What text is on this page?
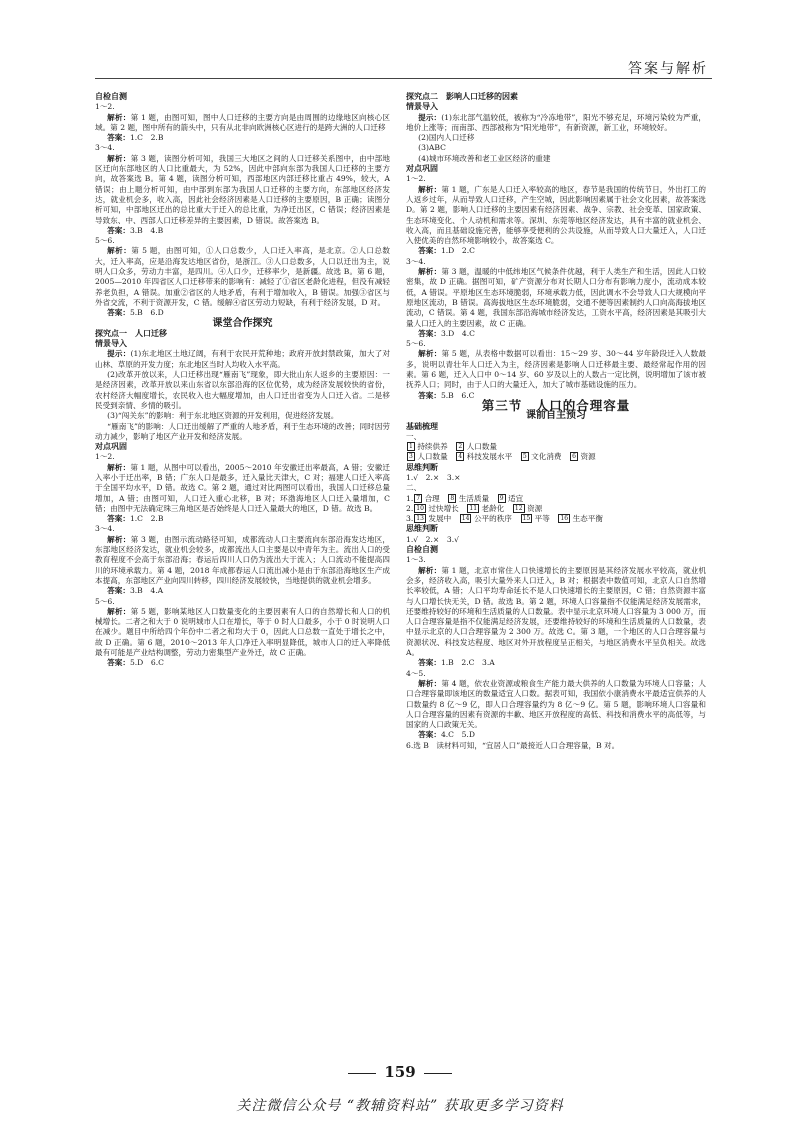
答案与解析

自检自测

1～2.

解析：第 1 题，由图可知，图中人口迁移的主要方向是由周围的边缘地区向核心区域。第 2 题，图中所有的箭头中，只有从北非向欧洲核心区进行的是跨大洲的人口迁移

答案：1.C　2.B

3～4.

解析：第 3 题，读图分析可知，我国三大地区之间的人口迁移关系图中，由中部地区迁向东部地区的人口比重最大，为 52%，因此中部向东部为我国人口迁移的主要方向，故答案选 B。第 4 题，读图分析可知，西部地区内部迁移比重占 49%，较大，A 错误；由上题分析可知，由中部到东部为我国人口迁移的主要方向，东部地区经济发达，就业机会多，收入高，因此社会经济因素是人口迁移的主要原因，B 正确；读图分析可知，中部地区迁出的总比重大于迁入的总比重，为净迁出区，C 错误；经济因素是导致东、中、西部人口迁移差异的主要因素，D 错误。故答案选 B。

答案：3.B　4.B

5～6.

解析：第 5 题，由图可知，①人口总数少，人口迁入率高，是北京。②人口总数大，迁入率高，应是沿海发达地区省份，是浙江。③人口总数多，人口以迁出为主，说明人口众多，劳动力丰富，是四川。④人口少，迁移率少，是新疆。故选 B。第 6 题，2005—2010 年四省区人口迁移带来的影响有：减轻了①省区老龄化进程，但没有减轻养老负担，A 错误。加重②省区的人地矛盾，有利于增加收入，B 错误。加强③省区与外省交流，不利于资源开发，C 错。缓解④省区劳动力短缺，有利于经济发展，D 对。

答案：5.B　6.D

课堂合作探究

探究点一　人口迁移

情景导入

提示：(1)东北地区土地辽阔，有利于农民开荒种地；政府开放封禁政策，加大了对山林、草原的开发力度；东北地区当时人均收入水平高。

(2)改革开放以来，人口迁移出现“雁南飞”现象，即大批山东人返乡的主要原因：一是经济因素，改革开放以来山东省以东部沿海的区位优势，成为经济发展较快的省份，农村经济大幅度增长，农民收入也大幅度增加，由人口迁出省变为人口迁入省。二是移民受到亲情、乡情的吸引。

(3)“闯关东”的影响：利于东北地区资源的开发利用，促进经济发展。

“雁南飞”的影响：人口迁出缓解了严重的人地矛盾，利于生态环境的改善；同时因劳动力减少，影响了地区产业开发和经济发展。

对点巩固

1～2.

解析：第 1 题，从图中可以看出，2005～2010 年安徽迁出率最高，A 错；安徽迁入率小于迁出率，B 错；广东人口是最多，迁入量比天津大，C 对；福建人口迁入率高于全国平均水平，D 错。故选 C。第 2 题，通过对比两图可以看出，我国人口迁移总量增加，A 错；由图可知，人口迁入重心北移，B 对；环渤海地区人口迁入量增加，C 错；由图中无法确定珠三角地区是否始终是人口迁入量最大的地区，D 错。故选 B。

答案：1.C　2.B

3～4.

解析：第 3 题，由图示流动路径可知，成都流动人口主要流向东部沿海发达地区，东部地区经济发达，就业机会较多，成都流出人口主要是以中青年为主。流出人口的受教育程度不会高于东部沿海；春运后四川人口仍为流出大于流入；人口流动不能提高四川的环境承载力。第 4 题，2018 年成都春运人口流出减小是由于东部沿海地区生产成本提高，东部地区产业向四川转移，四川经济发展较快，当地提供的就业机会增多。

答案：3.B　4.A

5～6.

解析：第 5 题，影响某地区人口数量变化的主要因素有人口的自然增长和人口的机械增长。二者之和大于 0 说明城市人口在增长，等于 0 时人口最多，小于 0 时说明人口在减少。题目中所给四个年份中二者之和均大于 0，因此人口总数一直处于增长之中，故 D 正确。第 6 题，2010～2013 年人口净迁入率明显降低，城市人口的迁入率降低最有可能是产业结构调整，劳动力密集型产业外迁，故 C 正确。

答案：5.D　6.C

探究点二　影响人口迁移的因素

情景导入

提示：(1)东北部气温较低，被称为“冷冻地带”，阳光不够充足，环境污染较为严重，地价上涨等；而南部、西部被称为“阳光地带”，有新资源，新工业，环境较好。

(2)国内人口迁移

(3)ABC

(4)城市环境改善和老工业区经济的重建

对点巩固

1～2.

解析：第 1 题，广东是人口迁入率较高的地区，春节是我国的传统节日，外出打工的人返乡过年，从而导致人口迁移，产生空城，因此影响因素属于社会文化因素，故答案选 D。第 2 题，影响人口迁移的主要因素有经济因素、战争、宗教、社会变革、国家政策、生态环境变化、个人动机和需求等。深圳、东莞等地区经济发达，具有丰富的就业机会、收入高，而且基础设施完善，能够享受便利的公共设施，从而导致人口大量迁入，人口迁入使优美的自然环境影响较小，故答案选 C。

答案：1.D　2.C

3～4.

解析：第 3 题，温暖的中低纬地区气候条件优越，利于人类生产和生活，因此人口较密集，故 D 正确。据图可知，矿产资源分布对长期人口分布有影响力度小，流动成本较低，A 错误。平原地区生态环境脆弱，环境承载力低，因此调水不会导致人口大规模向平原地区流动，B 错误。高海拔地区生态环境脆弱，交通不便等因素制约人口向高海拔地区流动，C 错误。第 4 题，我国东部沿海城市经济发达，工资水平高，经济因素是其吸引大量人口迁入的主要因素，故 C 正确。

答案：3.D　4.C

5～6.

解析：第 5 题，从表格中数据可以看出：15～29 岁、30～44 岁年龄段迁入人数最多，说明以青壮年人口迁入为主，经济因素是影响人口迁移最主要、最经常起作用的因素。第 6 题，迁入人口中 0～14 岁、60 岁及以上的人数占一定比例，说明增加了该市被抚养人口；同时，由于人口的大量迁入，加大了城市基础设施的压力。

答案：5.B　6.C

第三节　人口的合理容量

课前自主预习

基础梳理

一、

1 持续供养　2 人口数量

3 人口数量　4 科技发展水平　5 文化消费　6 资源

思维判断

1.√　2.×　3.×

二、

1. 7 合理　8 生活质量　9 适宜

2. 10 过快增长　11 老龄化　12 资源

3. 13 发展中　14 公平的秩序　15 平等　16 生态平衡

思维判断

1.√　2.×　3.√

自检自测

1～3.

解析：第 1 题，北京市常住人口快速增长的主要原因是其经济发展水平较高，就业机会多，经济收入高，吸引大量外来人口迁入，B 对；根据表中数值可知，北京人口自然增长率较低，A 错；人口平均寿命延长不是人口快速增长的主要原因，C 错；自然资源丰富与人口增长快无关，D 错。故选 B。第 2 题，环境人口容量指不仅能满足经济发展需求，还要维持较好的环境和生活质量的人口数量。表中显示北京环境人口容量为 3 000 万，而人口合理容量是指不仅能满足经济发展，还要维持较好的环境和生活质量的人口数量，表中显示北京的人口合理容量为 2 300 万。故选 C。第 3 题，一个地区的人口合理容量与资源状况、科技发达程度、地区对外开放程度呈正相关，与地区消费水平呈负相关。故选 A。

答案：1.B　2.C　3.A

4～5.

解析：第 4 题，依农业资源或粮食生产能力最大供养的人口数量为环境人口容量；人口合理容量即该地区的数量适宜人口数。据表可知，我国依小康消费水平最适宜供养的人口数量约 8 亿～9 亿，即人口合理容量约为 8 亿～9 亿。第 5 题，影响环境人口容量和人口合理容量的因素有资源的丰歉、地区开放程度的高低、科技和消费水平的高低等，与国家的人口政策无关。

答案：4.C　5.D

6.选 B　读材料可知，“宜居人口”最接近人口合理容量，B 对。

159
关注微信公众号 “教辅资料站” 获取更多学习资料
